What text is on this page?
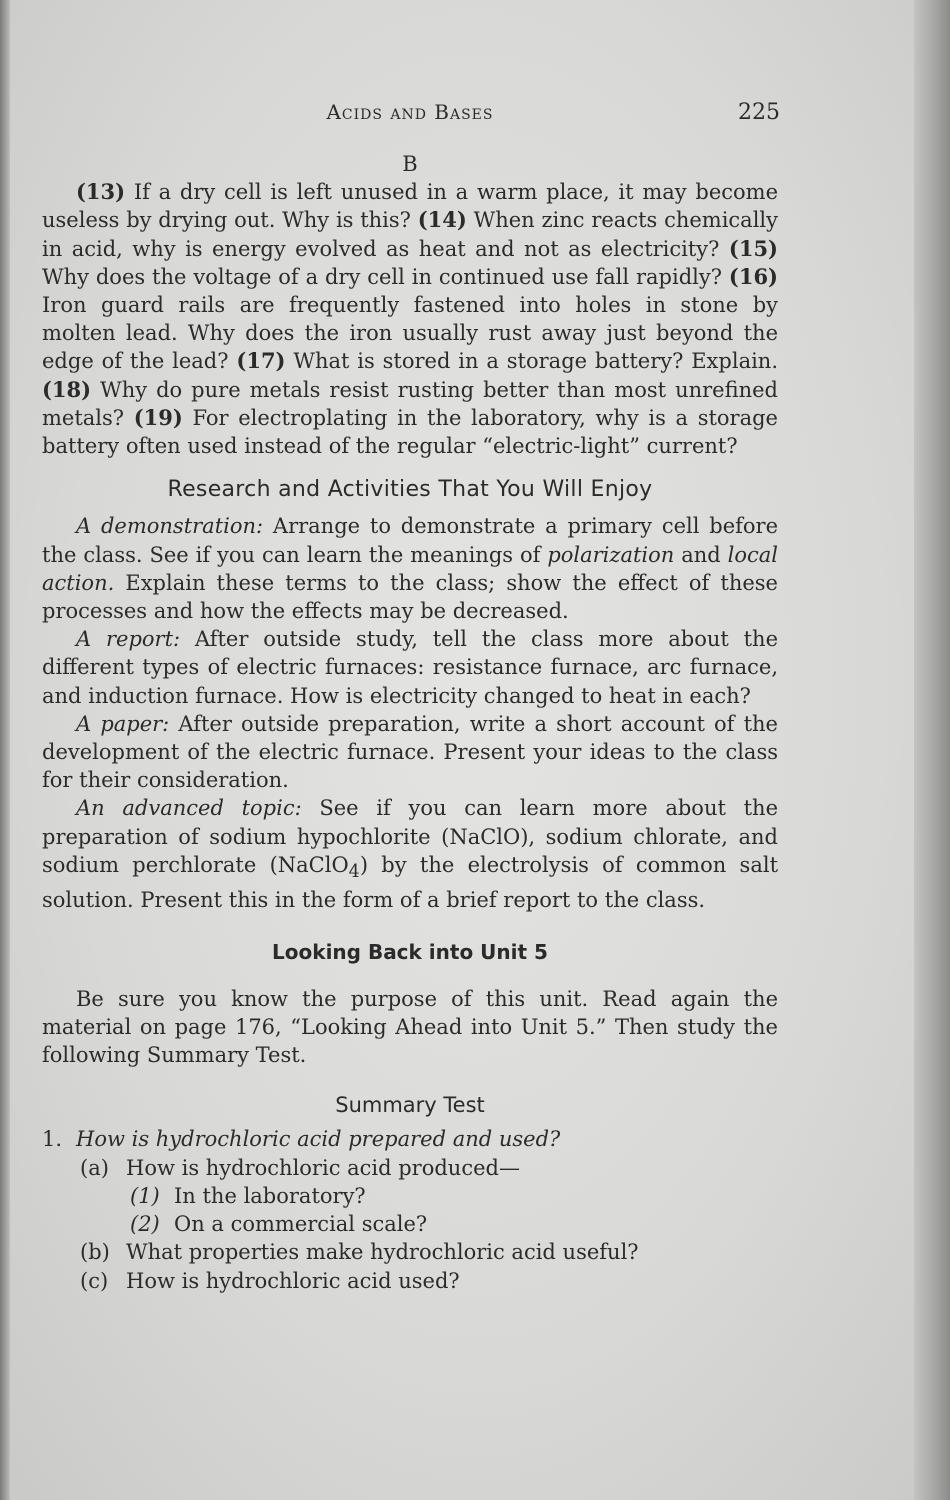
Acids and Bases	225
B

(13) If a dry cell is left unused in a warm place, it may become useless by drying out. Why is this? (14) When zinc reacts chemically in acid, why is energy evolved as heat and not as electricity? (15) Why does the voltage of a dry cell in continued use fall rapidly? (16) Iron guard rails are frequently fastened into holes in stone by molten lead. Why does the iron usually rust away just beyond the edge of the lead? (17) What is stored in a storage battery? Explain. (18) Why do pure metals resist rusting better than most unrefined metals? (19) For electroplating in the laboratory, why is a storage battery often used instead of the regular “electric-light” current?

Research and Activities That You Will Enjoy

A demonstration: Arrange to demonstrate a primary cell before the class. See if you can learn the meanings of polarization and local action. Explain these terms to the class; show the effect of these processes and how the effects may be decreased.

A report: After outside study, tell the class more about the different types of electric furnaces: resistance furnace, arc furnace, and induction furnace. How is electricity changed to heat in each?

A paper: After outside preparation, write a short account of the development of the electric furnace. Present your ideas to the class for their consideration.

An advanced topic: See if you can learn more about the preparation of sodium hypochlorite (NaClO), sodium chlorate, and sodium perchlorate (NaClO$_4$) by the electrolysis of common salt solution. Present this in the form of a brief report to the class.

Looking Back into Unit 5

Be sure you know the purpose of this unit. Read again the material on page 176, “Looking Ahead into Unit 5.” Then study the following Summary Test.

Summary Test
1. How is hydrochloric acid prepared and used?
(a) How is hydrochloric acid produced—
(1) In the laboratory?
(2) On a commercial scale?
(b) What properties make hydrochloric acid useful?
(c) How is hydrochloric acid used?
